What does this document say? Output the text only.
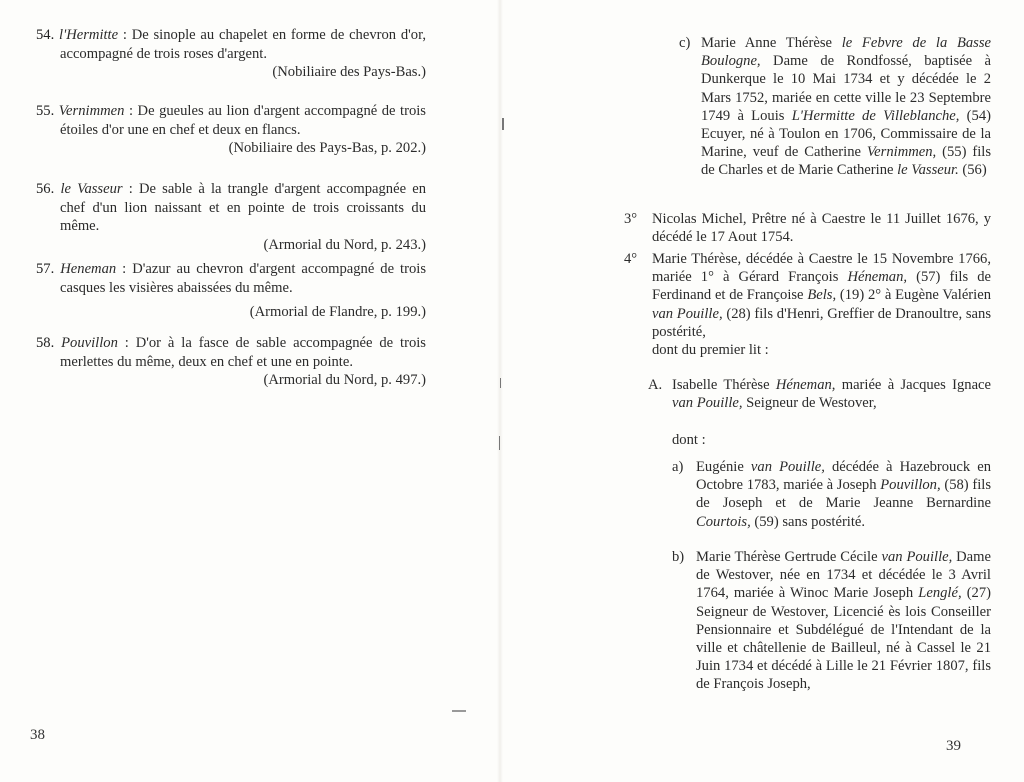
54. l'Hermitte : De sinople au chapelet en forme de chevron d'or, accompagné de trois roses d'argent.
(Nobiliaire des Pays-Bas.)
55. Vernimmen : De gueules au lion d'argent accompagné de trois étoiles d'or une en chef et deux en flancs.
(Nobiliaire des Pays-Bas, p. 202.)
56. le Vasseur : De sable à la trangle d'argent accompagnée en chef d'un lion naissant et en pointe de trois croissants du même.
(Armorial du Nord, p. 243.)
57. Heneman : D'azur au chevron d'argent accompagné de trois casques les visières abaissées du même.
(Armorial de Flandre, p. 199.)
58. Pouvillon : D'or à la fasce de sable accompagnée de trois merlettes du même, deux en chef et une en pointe.
(Armorial du Nord, p. 497.)
38
c) Marie Anne Thérèse le Febvre de la Basse Boulogne, Dame de Rondfossé, baptisée à Dunkerque le 10 Mai 1734 et y décédée le 2 Mars 1752, mariée en cette ville le 23 Septembre 1749 à Louis L'Hermitte de Villeblanche, (54) Ecuyer, né à Toulon en 1706, Commissaire de la Marine, veuf de Catherine Vernimmen, (55) fils de Charles et de Marie Catherine le Vasseur. (56)
3° Nicolas Michel, Prêtre né à Caestre le 11 Juillet 1676, y décédé le 17 Aout 1754.
4° Marie Thérèse, décédée à Caestre le 15 Novembre 1766, mariée 1° à Gérard François Héneman, (57) fils de Ferdinand et de Françoise Bels, (19) 2° à Eugène Valérien van Pouille, (28) fils d'Henri, Greffier de Dranoultre, sans postérité,
dont du premier lit :
A. Isabelle Thérèse Héneman, mariée à Jacques Ignace van Pouille, Seigneur de Westover,
dont :
a) Eugénie van Pouille, décédée à Hazebrouck en Octobre 1783, mariée à Joseph Pouvillon, (58) fils de Joseph et de Marie Jeanne Bernardine Courtois, (59) sans postérité.
b) Marie Thérèse Gertrude Cécile van Pouille, Dame de Westover, née en 1734 et décédée le 3 Avril 1764, mariée à Winoc Marie Joseph Lenglé, (27) Seigneur de Westover, Licencié ès lois Conseiller Pensionnaire et Subdélégué de l'Intendant de la ville et châtellenie de Bailleul, né à Cassel le 21 Juin 1734 et décédé à Lille le 21 Février 1807, fils de François Joseph,
39
